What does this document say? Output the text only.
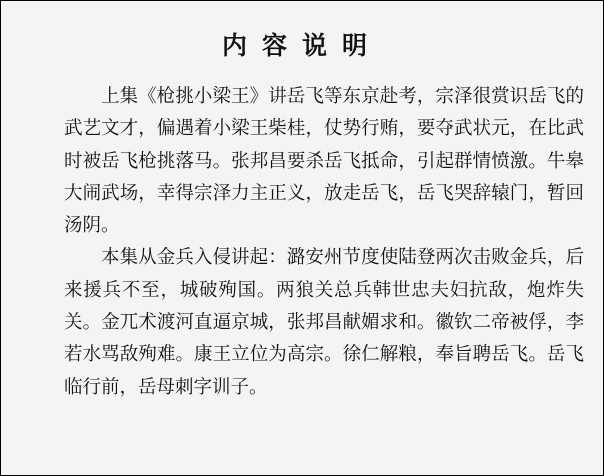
内容说明

上集《枪挑小梁王》讲岳飞等东京赴考，宗泽很赏识岳飞的武艺文才，偏遇着小梁王柴桂，仗势行贿，要夺武状元，在比武时被岳飞枪挑落马。张邦昌要杀岳飞抵命，引起群情愤激。牛皋大闹武场，幸得宗泽力主正义，放走岳飞，岳飞哭辞辕门，暂回汤阴。

本集从金兵入侵讲起：潞安州节度使陆登两次击败金兵，后来援兵不至，城破殉国。两狼关总兵韩世忠夫妇抗敌，炮炸失关。金兀术渡河直逼京城，张邦昌献媚求和。徽钦二帝被俘，李若水骂敌殉难。康王立位为高宗。徐仁解粮，奉旨聘岳飞。岳飞临行前，岳母刺字训子。
